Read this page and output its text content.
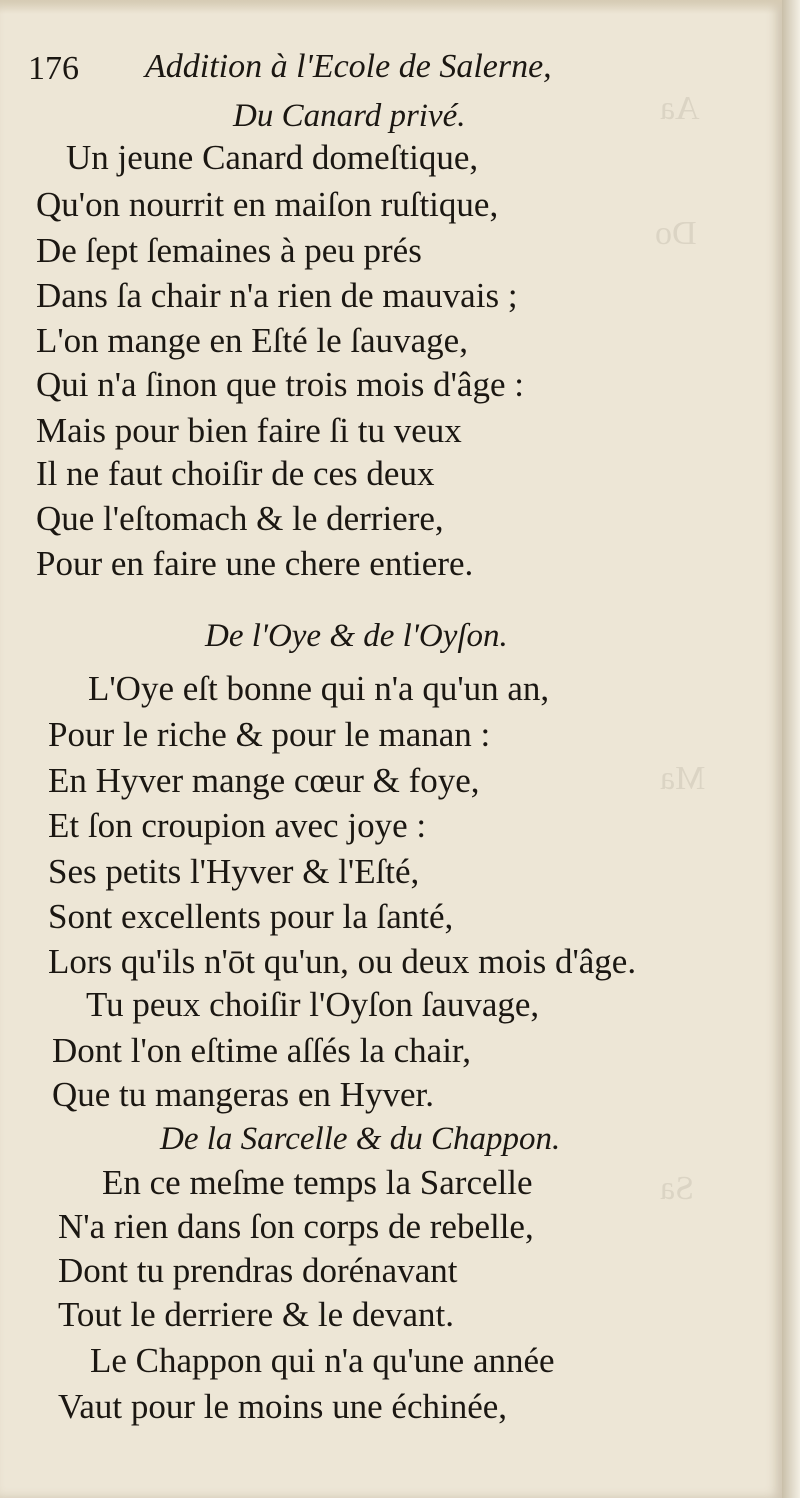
Aa
Do
Ma
Sa
176 Addition à l'Ecole de Salerne,
Du Canard privé.
Un jeune Canard domeſtique,
Qu'on nourrit en maiſon ruſtique,
De ſept ſemaines à peu prés
Dans ſa chair n'a rien de mauvais ;
L'on mange en Eſté le ſauvage,
Qui n'a ſinon que trois mois d'âge :
Mais pour bien faire ſi tu veux
Il ne faut choiſir de ces deux
Que l'eſtomach & le derriere,
Pour en faire une chere entiere.
De l'Oye & de l'Oyſon.
L'Oye eſt bonne qui n'a qu'un an,
Pour le riche & pour le manan :
En Hyver mange cœur & foye,
Et ſon croupion avec joye :
Ses petits l'Hyver & l'Eſté,
Sont excellents pour la ſanté,
Lors qu'ils n'ōt qu'un, ou deux mois d'âge.
Tu peux choiſir l'Oyſon ſauvage,
Dont l'on eſtime aſſés la chair,
Que tu mangeras en Hyver.
De la Sarcelle & du Chappon.
En ce meſme temps la Sarcelle
N'a rien dans ſon corps de rebelle,
Dont tu prendras dorénavant
Tout le derriere & le devant.
Le Chappon qui n'a qu'une année
Vaut pour le moins une échinée,
